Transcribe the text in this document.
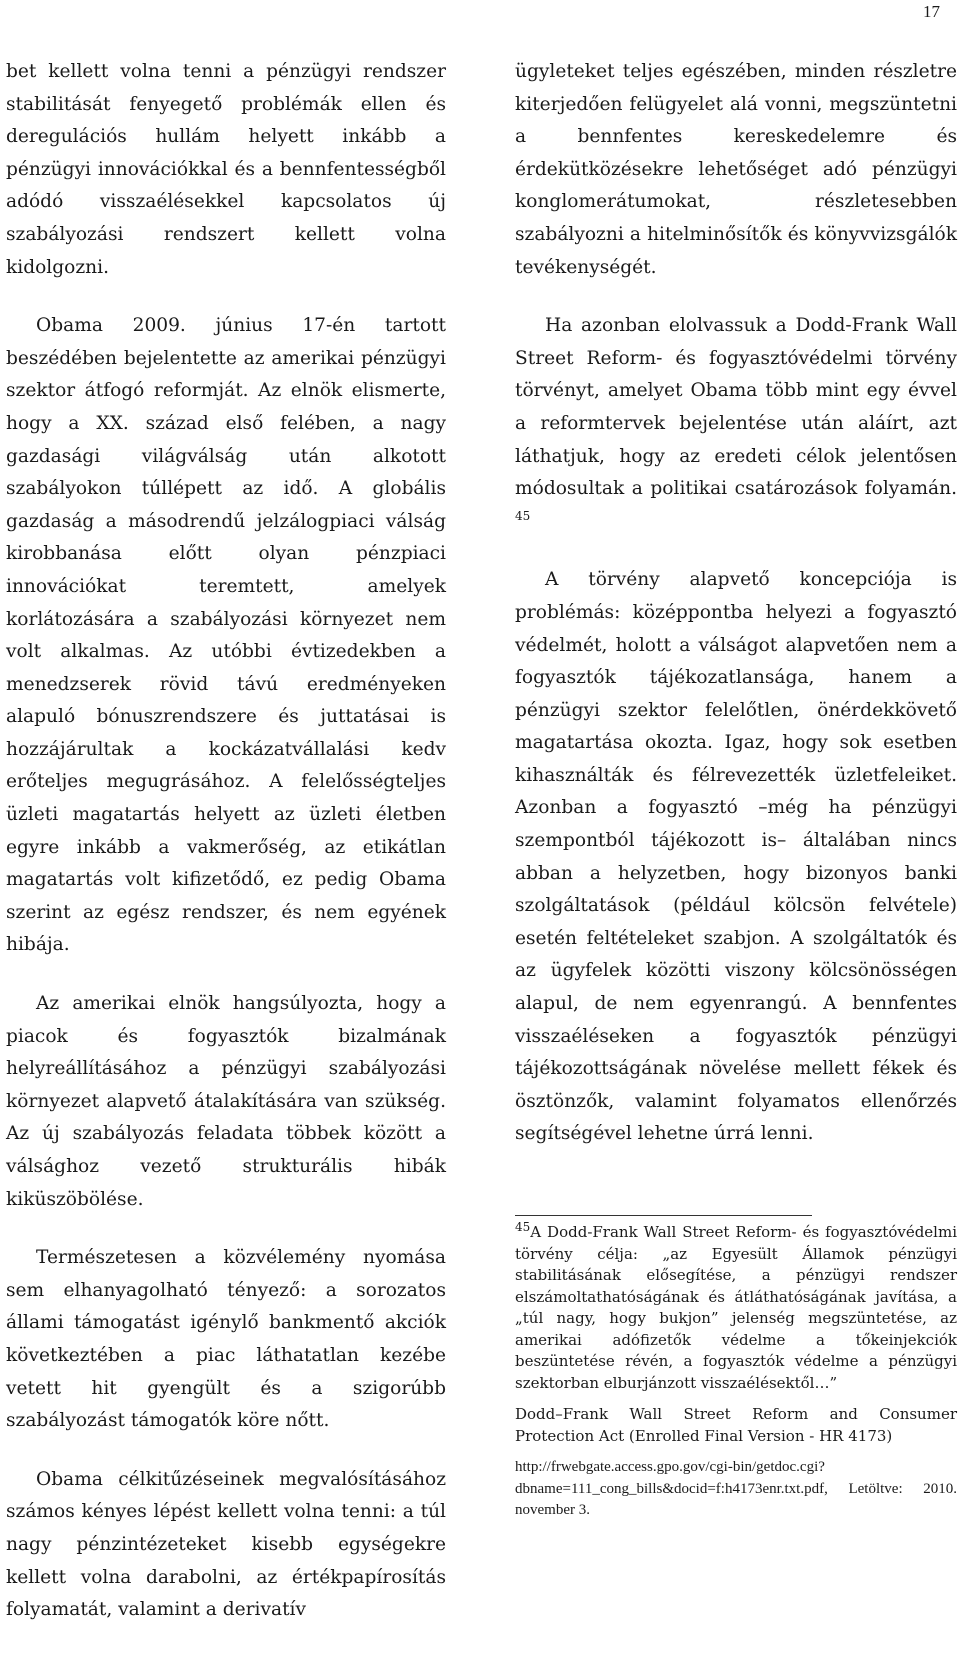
17

bet kellett volna tenni a pénzügyi rendszer stabilitását fenyegető problémák ellen és deregulációs hullám helyett inkább a pénzügyi innovációkkal és a bennfentességből adódó visszaélésekkel kapcsolatos új szabályozási rendszert kellett volna kidolgozni.

Obama 2009. június 17-én tartott beszédében bejelentette az amerikai pénzügyi szektor átfogó reformját. Az elnök elismerte, hogy a XX. század első felében, a nagy gazdasági világválság után alkotott szabályokon túllépett az idő. A globális gazdaság a másodrendű jelzálogpiaci válság kirobbanása előtt olyan pénzpiaci innovációkat teremtett, amelyek korlátozására a szabályozási környezet nem volt alkalmas. Az utóbbi évtizedekben a menedzserek rövid távú eredményeken alapuló bónuszrendszere és juttatásai is hozzájárultak a kockázatvállalási kedv erőteljes megugrásához. A felelősségteljes üzleti magatartás helyett az üzleti életben egyre inkább a vakmerőség, az etikátlan magatartás volt kifizetődő, ez pedig Obama szerint az egész rendszer, és nem egyének hibája.

Az amerikai elnök hangsúlyozta, hogy a piacok és fogyasztók bizalmának helyreállításához a pénzügyi szabályozási környezet alapvető átalakítására van szükség. Az új szabályozás feladata többek között a válsághoz vezető strukturális hibák kiküszöbölése.

Természetesen a közvélemény nyomása sem elhanyagolható tényező: a sorozatos állami támogatást igénylő bankmentő akciók következtében a piac láthatatlan kezébe vetett hit gyengült és a szigorúbb szabályozást támogatók köre nőtt.

Obama célkitűzéseinek megvalósításához számos kényes lépést kellett volna tenni: a túl nagy pénzintézeteket kisebb egységekre kellett volna darabolni, az értékpapírosítás folyamatát, valamint a derivatív

ügyleteket teljes egészében, minden részletre kiterjedően felügyelet alá vonni, megszüntetni a bennfentes kereskedelemre és érdekütközésekre lehetőséget adó pénzügyi konglomerátumokat, részletesebben szabályozni a hitelminősítők és könyvvizsgálók tevékenységét.

Ha azonban elolvassuk a Dodd-Frank Wall Street Reform- és fogyasztóvédelmi törvény törvényt, amelyet Obama több mint egy évvel a reformtervek bejelentése után aláírt, azt láthatjuk, hogy az eredeti célok jelentősen módosultak a politikai csatározások folyamán. $^{45}$

A törvény alapvető koncepciója is problémás: középpontba helyezi a fogyasztó védelmét, holott a válságot alapvetően nem a fogyasztók tájékozatlansága, hanem a pénzügyi szektor felelőtlen, önérdekkövető magatartása okozta. Igaz, hogy sok esetben kihasználták és félrevezették üzletfeleiket. Azonban a fogyasztó –még ha pénzügyi szempontból tájékozott is– általában nincs abban a helyzetben, hogy bizonyos banki szolgáltatások (például kölcsön felvétele) esetén feltételeket szabjon. A szolgáltatók és az ügyfelek közötti viszony kölcsönösségen alapul, de nem egyenrangú. A bennfentes visszaéléseken a fogyasztók pénzügyi tájékozottságának növelése mellett fékek és ösztönzők, valamint folyamatos ellenőrzés segítségével lehetne úrrá lenni.

$^{45}$A Dodd-Frank Wall Street Reform- és fogyasztóvédelmi törvény célja: „az Egyesült Államok pénzügyi stabilitásának elősegítése, a pénzügyi rendszer elszámoltathatóságának és átláthatóságának javítása, a „túl nagy, hogy bukjon” jelenség megszüntetése, az amerikai adófizetők védelme a tőkeinjekciók beszüntetése révén, a fogyasztók védelme a pénzügyi szektorban elburjánzott visszaélésektől…”

Dodd–Frank Wall Street Reform and Consumer Protection Act (Enrolled Final Version - HR 4173)

http://frwebgate.access.gpo.gov/cgi-bin/getdoc.cgi?dbname=111_cong_bills&docid=f:h4173enr.txt.pdf, Letöltve: 2010. november 3.
